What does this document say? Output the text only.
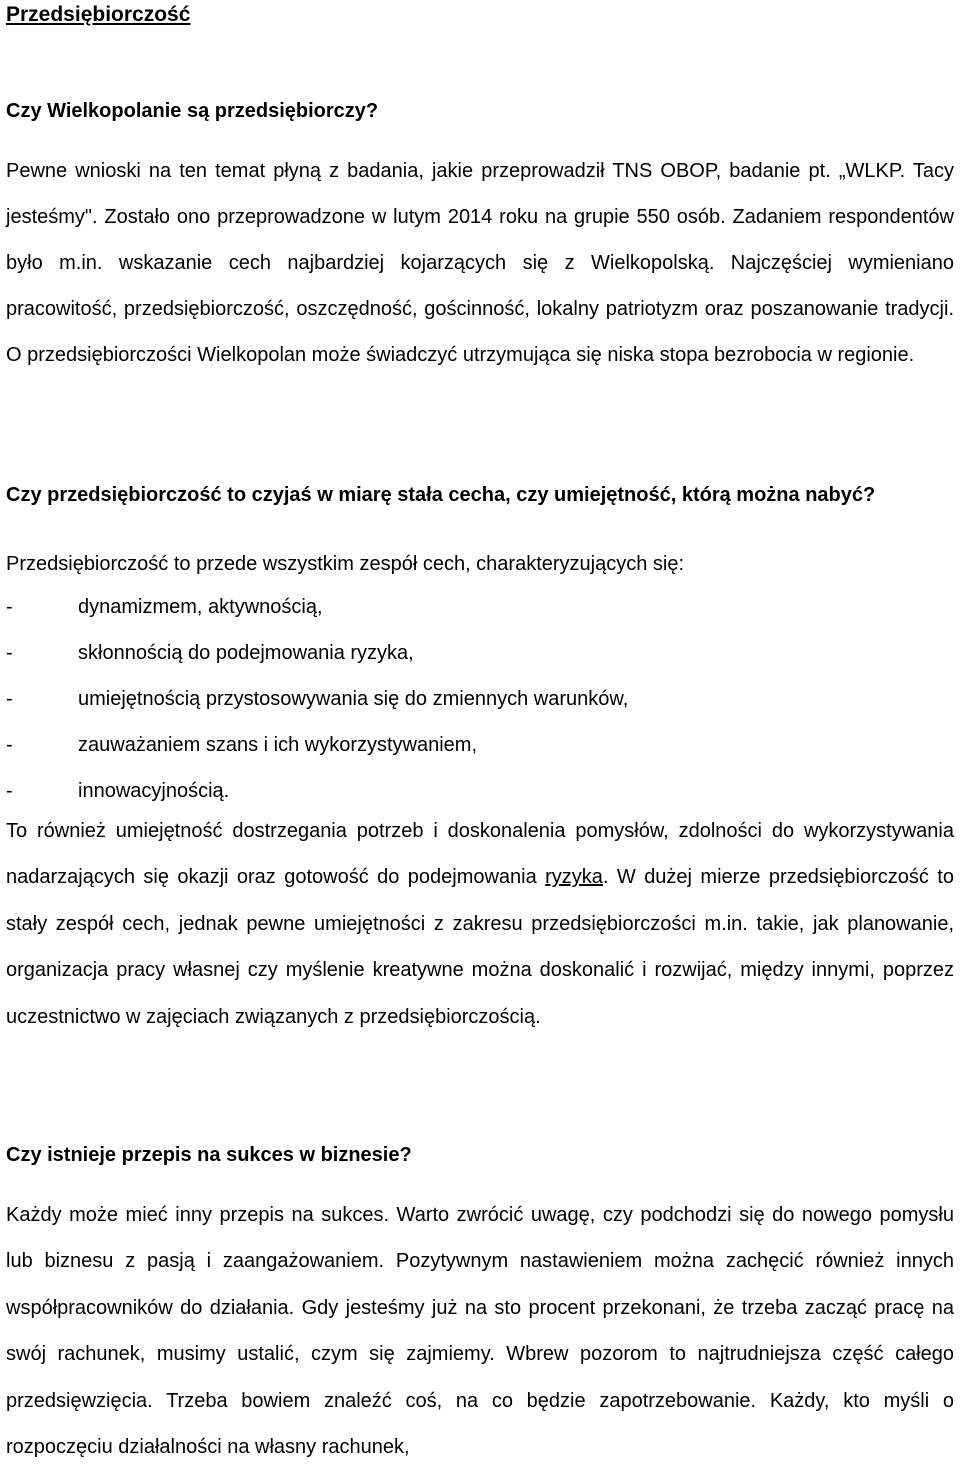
Przedsiębiorczość
Czy Wielkopolanie są przedsiębiorczy?

Pewne wnioski na ten temat płyną z badania, jakie przeprowadził TNS OBOP, badanie pt. „WLKP. Tacy jesteśmy". Zostało ono przeprowadzone w lutym 2014 roku na grupie 550 osób. Zadaniem respondentów było m.in. wskazanie cech najbardziej kojarzących się z Wielkopolską. Najczęściej wymieniano pracowitość, przedsiębiorczość, oszczędność, gościnność, lokalny patriotyzm oraz poszanowanie tradycji. O przedsiębiorczości Wielkopolan może świadczyć utrzymująca się niska stopa bezrobocia w regionie.

Czy przedsiębiorczość to czyjaś w miarę stała cecha, czy umiejętność, którą można nabyć?

Przedsiębiorczość to przede wszystkim zespół cech, charakteryzujących się:

-	dynamizmem, aktywnością,
-	skłonnością do podejmowania ryzyka,
-	umiejętnością przystosowywania się do zmiennych warunków,
-	zauważaniem szans i ich wykorzystywaniem,
-	innowacyjnością.

To również umiejętność dostrzegania potrzeb i doskonalenia pomysłów, zdolności do wykorzystywania nadarzających się okazji oraz gotowość do podejmowania ryzyka. W dużej mierze przedsiębiorczość to stały zespół cech, jednak pewne umiejętności z zakresu przedsiębiorczości m.in. takie, jak planowanie, organizacja pracy własnej czy myślenie kreatywne można doskonalić i rozwijać, między innymi, poprzez uczestnictwo w zajęciach związanych z przedsiębiorczością.

Czy istnieje przepis na sukces w biznesie?

Każdy może mieć inny przepis na sukces. Warto zwrócić uwagę, czy podchodzi się do nowego pomysłu lub biznesu z pasją i zaangażowaniem. Pozytywnym nastawieniem można zachęcić również innych współpracowników do działania. Gdy jesteśmy już na sto procent przekonani, że trzeba zacząć pracę na swój rachunek, musimy ustalić, czym się zajmiemy. Wbrew pozorom to najtrudniejsza część całego przedsięwzięcia. Trzeba bowiem znaleźć coś, na co będzie zapotrzebowanie. Każdy, kto myśli o rozpoczęciu działalności na własny rachunek,
